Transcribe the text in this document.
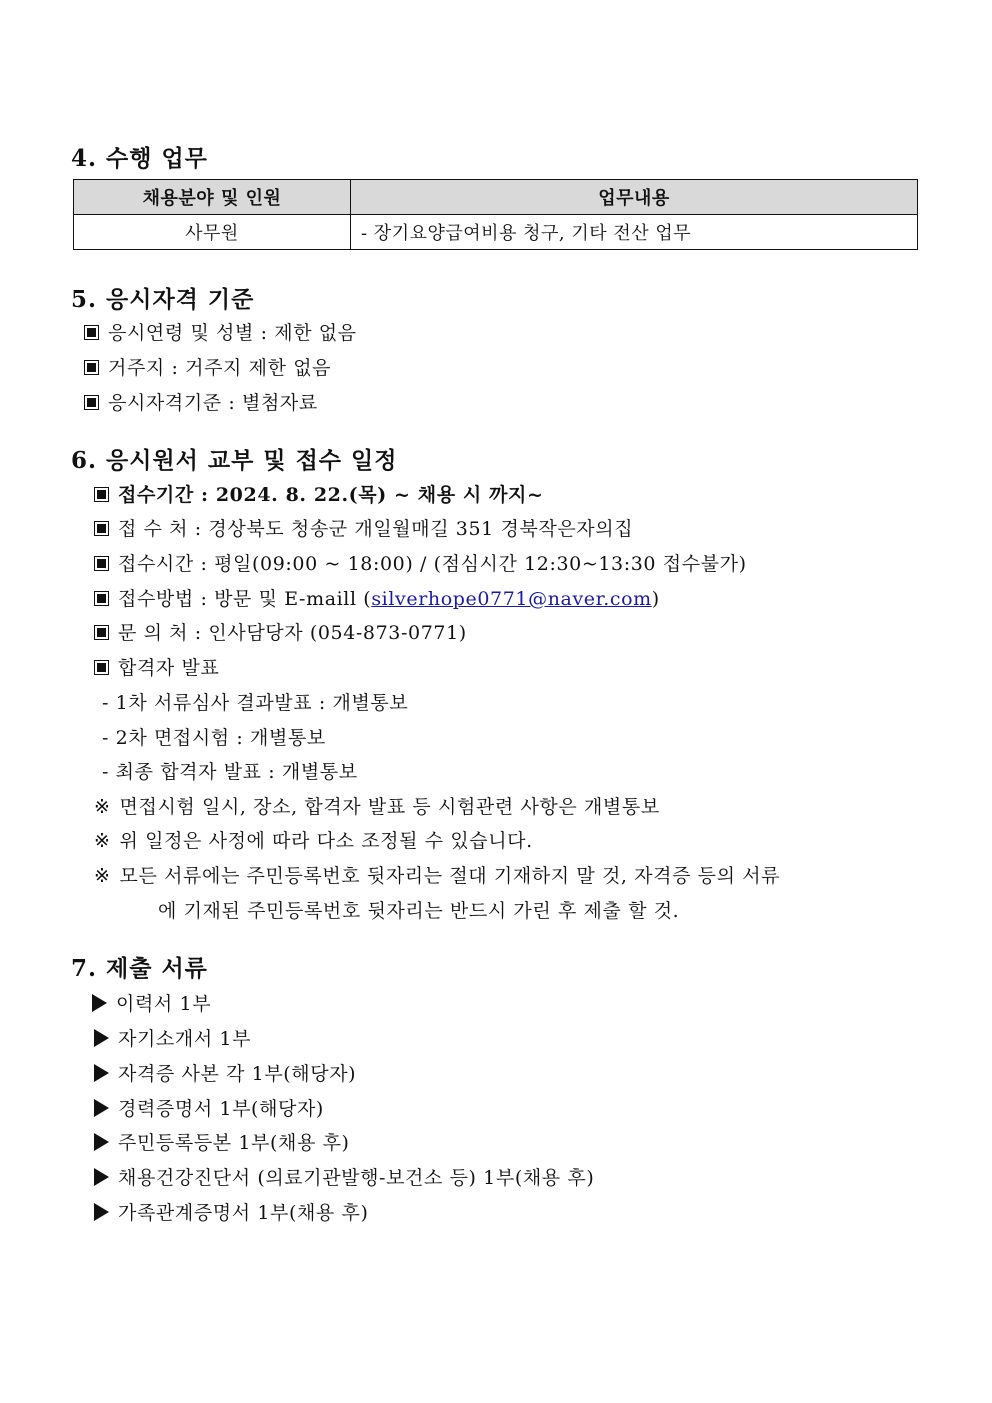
4. 수행 업무
채용분야 및 인원	업무내용
사무원	- 장기요양급여비용 청구, 기타 전산 업무
5. 응시자격 기준
응시연령 및 성별 : 제한 없음
거주지 : 거주지 제한 없음
응시자격기준 : 별첨자료
6. 응시원서 교부 및 접수 일정
접수기간 : 2024. 8. 22.(목) ~ 채용 시 까지~
접 수 처 : 경상북도 청송군 개일월매길 351 경북작은자의집
접수시간 : 평일(09:00 ~ 18:00) / (점심시간 12:30~13:30 접수불가)
접수방법 : 방문 및 E-maill (silverhope0771@naver.com)
문 의 처 : 인사담당자 (054-873-0771)
합격자 발표
- 1차 서류심사 결과발표 : 개별통보
- 2차 면접시험 : 개별통보
- 최종 합격자 발표 : 개별통보
※ 면접시험 일시, 장소, 합격자 발표 등 시험관련 사항은 개별통보
※ 위 일정은 사정에 따라 다소 조정될 수 있습니다.
※ 모든 서류에는 주민등록번호 뒷자리는 절대 기재하지 말 것, 자격증 등의 서류
에 기재된 주민등록번호 뒷자리는 반드시 가린 후 제출 할 것.
7. 제출 서류
이력서 1부
자기소개서 1부
자격증 사본 각 1부(해당자)
경력증명서 1부(해당자)
주민등록등본 1부(채용 후)
채용건강진단서 (의료기관발행-보건소 등) 1부(채용 후)
가족관계증명서 1부(채용 후)
